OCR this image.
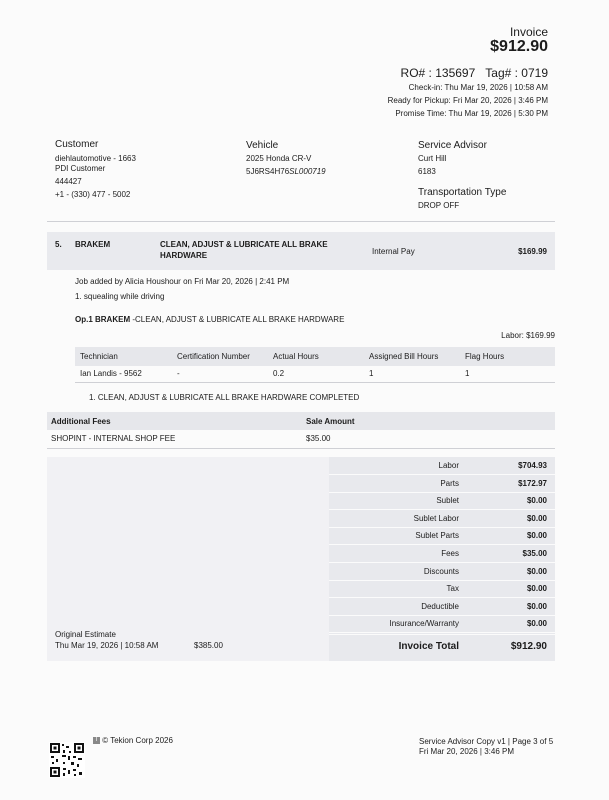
Invoice
$912.90
RO# : 135697 Tag# : 0719
Check-in: Thu Mar 19, 2026 | 10:58 AM
Ready for Pickup: Fri Mar 20, 2026 | 3:46 PM
Promise Time: Thu Mar 19, 2026 | 5:30 PM
Customer
diehlautomotive - 1663
PDI Customer
444427
+1 - (330) 477 - 5002
Vehicle
2025 Honda CR-V
5J6RS4H76SL000719
Service Advisor
Curt Hill
6183
Transportation Type
DROP OFF
5. BRAKEM	CLEAN, ADJUST & LUBRICATE ALL BRAKE
HARDWARE	Internal Pay	$169.99
Job added by Alicia Houshour on Fri Mar 20, 2026 | 2:41 PM
1. squealing while driving
Op.1 BRAKEM -CLEAN, ADJUST & LUBRICATE ALL BRAKE HARDWARE
Labor: $169.99
Technician	Certification Number	Actual Hours	Assigned Bill Hours	Flag Hours
Ian Landis - 9562	-	0.2	1	1
1. CLEAN, ADJUST & LUBRICATE ALL BRAKE HARDWARE COMPLETED
Additional Fees	Sale Amount
SHOPINT - INTERNAL SHOP FEE	$35.00
Labor	$704.93
Parts	$172.97
Sublet	$0.00
Sublet Labor	$0.00
Sublet Parts	$0.00
Fees	$35.00
Discounts	$0.00
Tax	$0.00
Deductible	$0.00
Insurance/Warranty	$0.00
Invoice Total	$912.90
Original Estimate
Thu Mar 19, 2026 | 10:58 AM	$385.00
T © Tekion Corp 2026	Service Advisor Copy v1 | Page 3 of 5
Fri Mar 20, 2026 | 3:46 PM
